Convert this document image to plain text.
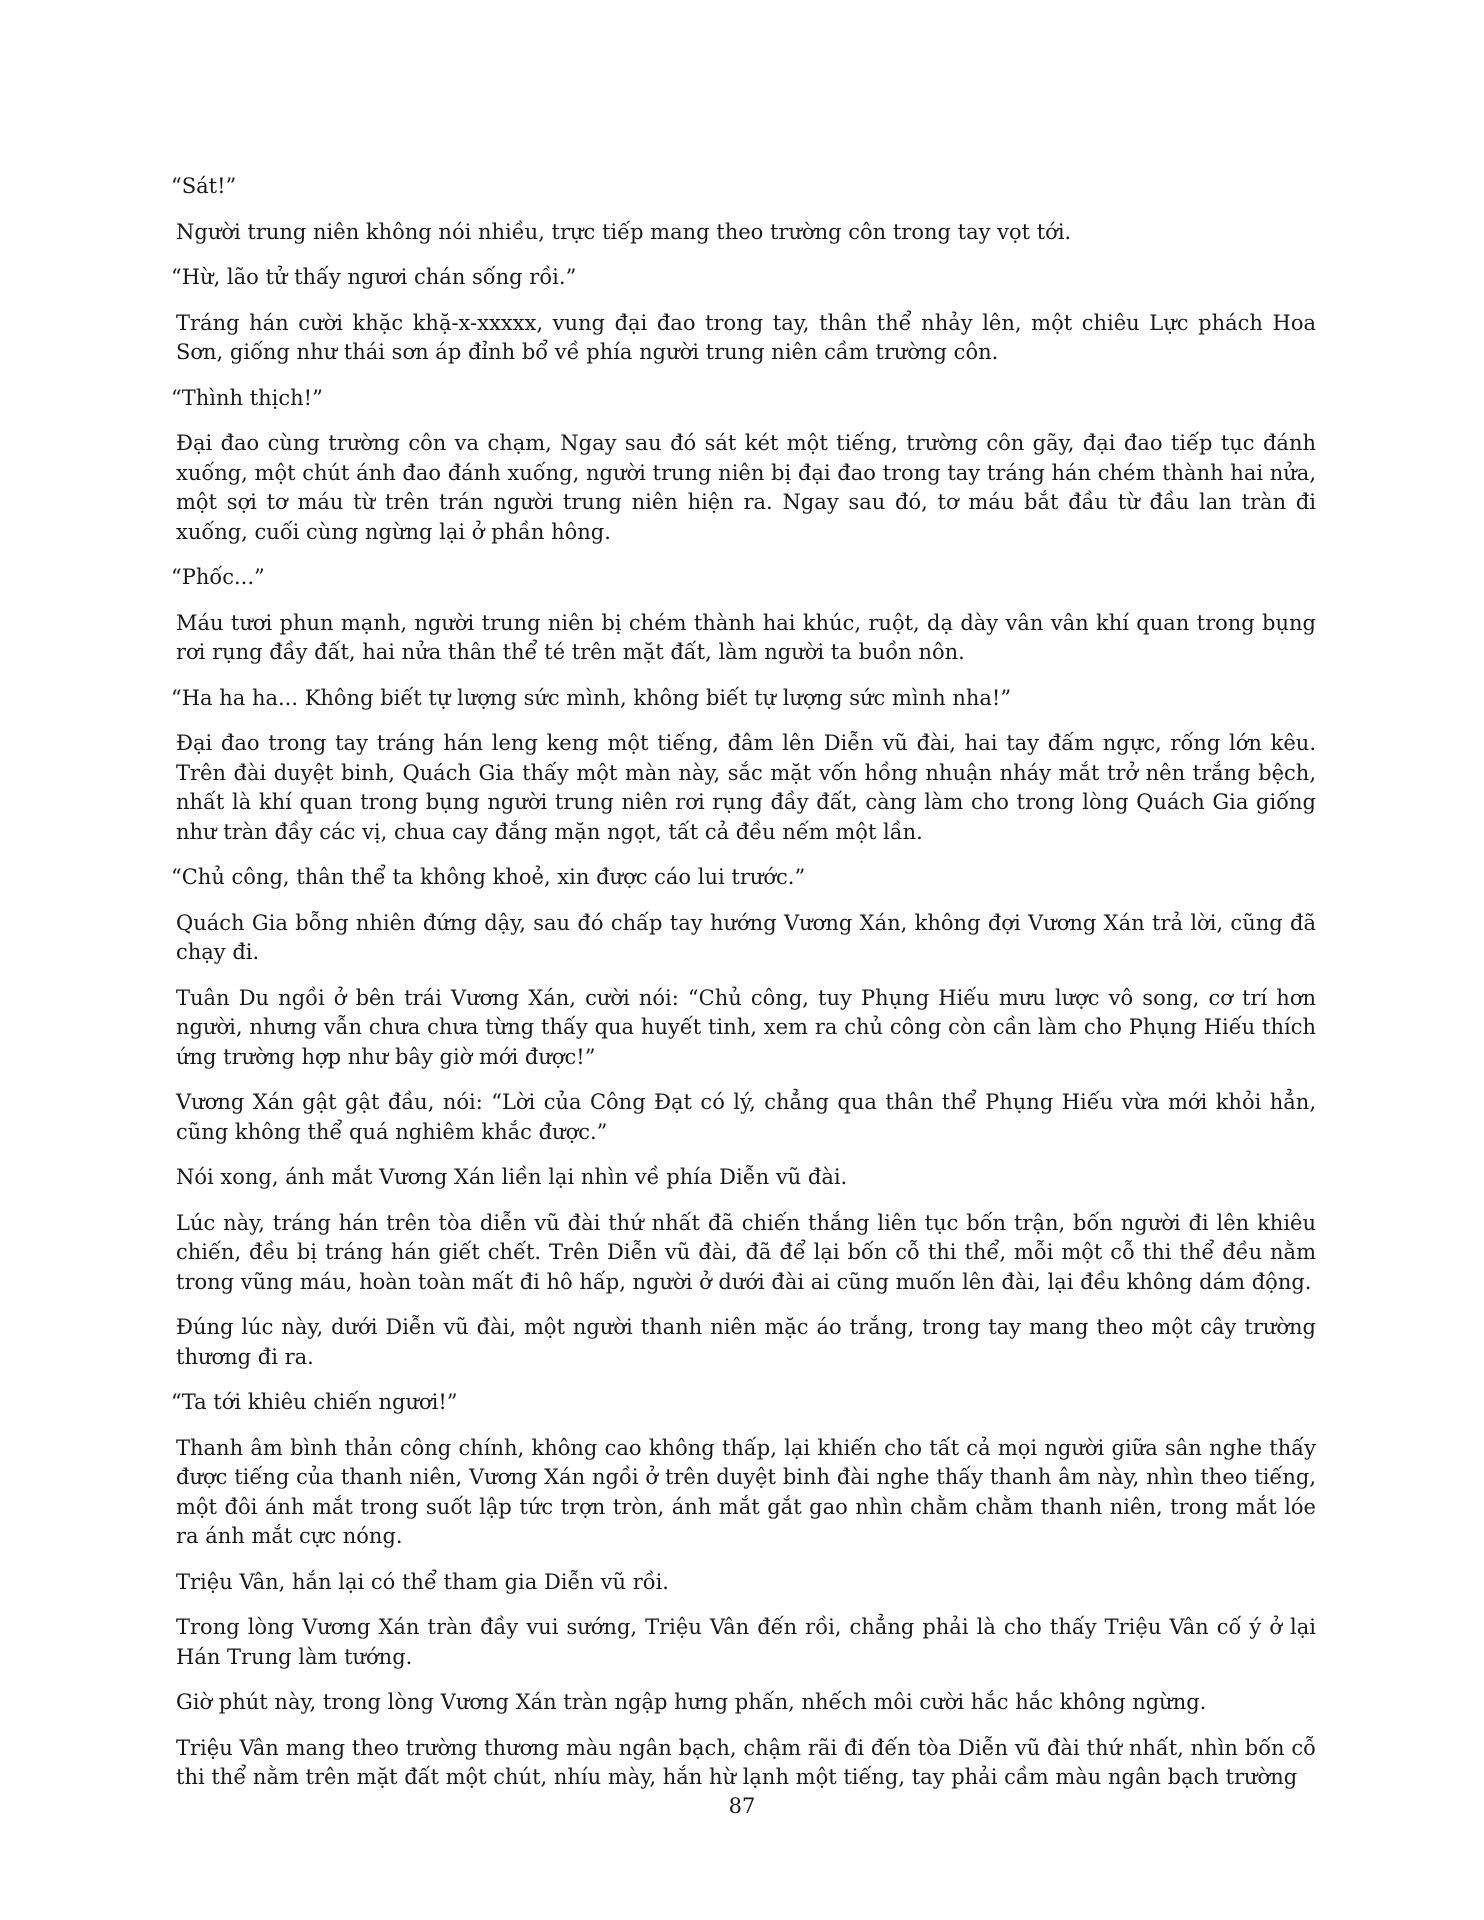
“Sát!”

Người trung niên không nói nhiều, trực tiếp mang theo trường côn trong tay vọt tới.

“Hừ, lão tử thấy ngươi chán sống rồi.”

Tráng hán cười khặc khặ-x-xxxxx, vung đại đao trong tay, thân thể nhảy lên, một chiêu Lực phách Hoa Sơn, giống như thái sơn áp đỉnh bổ về phía người trung niên cầm trường côn.

“Thình thịch!”

Đại đao cùng trường côn va chạm, Ngay sau đó sát két một tiếng, trường côn gãy, đại đao tiếp tục đánh xuống, một chút ánh đao đánh xuống, người trung niên bị đại đao trong tay tráng hán chém thành hai nửa, một sợi tơ máu từ trên trán người trung niên hiện ra. Ngay sau đó, tơ máu bắt đầu từ đầu lan tràn đi xuống, cuối cùng ngừng lại ở phần hông.

“Phốc...”

Máu tươi phun mạnh, người trung niên bị chém thành hai khúc, ruột, dạ dày vân vân khí quan trong bụng rơi rụng đầy đất, hai nửa thân thể té trên mặt đất, làm người ta buồn nôn.

“Ha ha ha... Không biết tự lượng sức mình, không biết tự lượng sức mình nha!”

Đại đao trong tay tráng hán leng keng một tiếng, đâm lên Diễn vũ đài, hai tay đấm ngực, rống lớn kêu. Trên đài duyệt binh, Quách Gia thấy một màn này, sắc mặt vốn hồng nhuận nháy mắt trở nên trắng bệch, nhất là khí quan trong bụng người trung niên rơi rụng đầy đất, càng làm cho trong lòng Quách Gia giống như tràn đầy các vị, chua cay đắng mặn ngọt, tất cả đều nếm một lần.

“Chủ công, thân thể ta không khoẻ, xin được cáo lui trước.”

Quách Gia bỗng nhiên đứng dậy, sau đó chấp tay hướng Vương Xán, không đợi Vương Xán trả lời, cũng đã chạy đi.

Tuân Du ngồi ở bên trái Vương Xán, cười nói: “Chủ công, tuy Phụng Hiếu mưu lược vô song, cơ trí hơn người, nhưng vẫn chưa chưa từng thấy qua huyết tinh, xem ra chủ công còn cần làm cho Phụng Hiếu thích ứng trường hợp như bây giờ mới được!”

Vương Xán gật gật đầu, nói: “Lời của Công Đạt có lý, chẳng qua thân thể Phụng Hiếu vừa mới khỏi hẳn, cũng không thể quá nghiêm khắc được.”

Nói xong, ánh mắt Vương Xán liền lại nhìn về phía Diễn vũ đài.

Lúc này, tráng hán trên tòa diễn vũ đài thứ nhất đã chiến thắng liên tục bốn trận, bốn người đi lên khiêu chiến, đều bị tráng hán giết chết. Trên Diễn vũ đài, đã để lại bốn cỗ thi thể, mỗi một cỗ thi thể đều nằm trong vũng máu, hoàn toàn mất đi hô hấp, người ở dưới đài ai cũng muốn lên đài, lại đều không dám động.

Đúng lúc này, dưới Diễn vũ đài, một người thanh niên mặc áo trắng, trong tay mang theo một cây trường thương đi ra.

“Ta tới khiêu chiến ngươi!”

Thanh âm bình thản công chính, không cao không thấp, lại khiến cho tất cả mọi người giữa sân nghe thấy được tiếng của thanh niên, Vương Xán ngồi ở trên duyệt binh đài nghe thấy thanh âm này, nhìn theo tiếng, một đôi ánh mắt trong suốt lập tức trợn tròn, ánh mắt gắt gao nhìn chằm chằm thanh niên, trong mắt lóe ra ánh mắt cực nóng.

Triệu Vân, hắn lại có thể tham gia Diễn vũ rồi.

Trong lòng Vương Xán tràn đầy vui sướng, Triệu Vân đến rồi, chẳng phải là cho thấy Triệu Vân cố ý ở lại Hán Trung làm tướng.

Giờ phút này, trong lòng Vương Xán tràn ngập hưng phấn, nhếch môi cười hắc hắc không ngừng.

Triệu Vân mang theo trường thương màu ngân bạch, chậm rãi đi đến tòa Diễn vũ đài thứ nhất, nhìn bốn cỗ thi thể nằm trên mặt đất một chút, nhíu mày, hắn hừ lạnh một tiếng, tay phải cầm màu ngân bạch trường

87
